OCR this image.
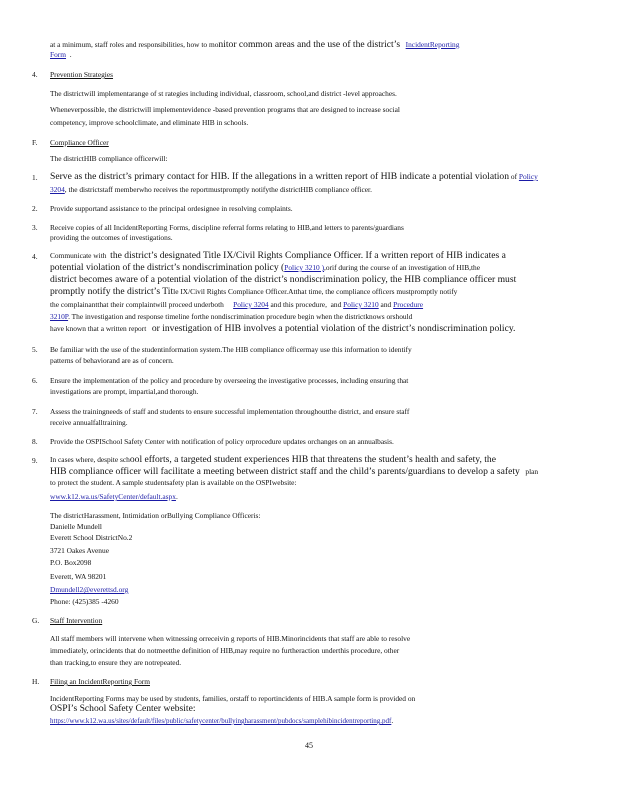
at a minimum, staff roles and responsibilities, how to monitor common areas and the use of the district’s IncidentReporting
Form .
4. Prevention Strategies
The districtwill implementarange of st rategies including individual, classroom, school,and district -level approaches.
Wheneverpossible, the districtwill implementevidence -based prevention programs that are designed to increase social
competency, improve schoolclimate, and eliminate HIB in schools.
F. Compliance Officer
The districtHIB compliance officerwill:
1. Serve as the district’s primary contact for HIB. If the allegations in a written report of HIB indicate a potential violation of Policy
3204, the districtstaff memberwho receives the reportmustpromptly notifythe districtHIB compliance officer.
2. Provide supportand assistance to the principal ordesignee in resolving complaints.
3. Receive copies of all IncidentReporting Forms, discipline referral forms relating to HIB,and letters to parents/guardians
providing the outcomes of investigations.
4. Communicate with the district’s designated Title IX/Civil Rights Compliance Officer. If a written report of HIB indicates a
potential violation of the district’s nondiscrimination policy (Policy 3210 ),orif during the course of an investigation of HIB,the
district becomes aware of a potential violation of the district’s nondiscrimination policy, the HIB compliance officer must
promptly notify the district’s Title IX/Civil Rights Compliance Officer.Atthat time, the compliance officers mustpromptly notify
the complainantthat their complaintwill proceed underboth Policy 3204 and this procedure, and Policy 3210 and Procedure
3210P. The investigation and response timeline forthe nondiscrimination procedure begin when the districtknows orshould
have known that a written report or investigation of HIB involves a potential violation of the district’s nondiscrimination policy.
5. Be familiar with the use of the studentinformation system.The HIB compliance officermay use this information to identify
patterns of behaviorand are as of concern.
6. Ensure the implementation of the policy and procedure by overseeing the investigative processes, including ensuring that
investigations are prompt, impartial,and thorough.
7. Assess the trainingneeds of staff and students to ensure successful implementation throughoutthe district, and ensure staff
receive annualfalltraining.
8. Provide the OSPISchool Safety Center with notification of policy orprocedure updates orchanges on an annualbasis.
9. In cases where, despite school efforts, a targeted student experiences HIB that threatens the student’s health and safety, the
HIB compliance officer will facilitate a meeting between district staff and the child’s parents/guardians to develop a safety plan
to protect the student. A sample studentsafety plan is available on the OSPIwebsite:
www.k12.wa.us/SafetyCenter/default.aspx.
The districtHarassment, Intimidation orBullying Compliance Officeris:
Danielle Mundell
Everett School DistrictNo.2
3721 Oakes Avenue
P.O. Box2098
Everett, WA 98201
Dmundell2@everettsd.org
Phone: (425)385 -4260
G. Staff Intervention
All staff members will intervene when witnessing orreceivin g reports of HIB.Minorincidents that staff are able to resolve
immediately, orincidents that do notmeetthe definition of HIB,may require no furtheraction underthis procedure, other
than tracking,to ensure they are notrepeated.
H. Filing an IncidentReporting Form
IncidentReporting Forms may be used by students, families, orstaff to reportincidents of HIB.A sample form is provided on
OSPI’s School Safety Center website:
https://www.k12.wa.us/sites/default/files/public/safetycenter/bullyingharassment/pubdocs/samplehibincidentreporting.pdf.
45
